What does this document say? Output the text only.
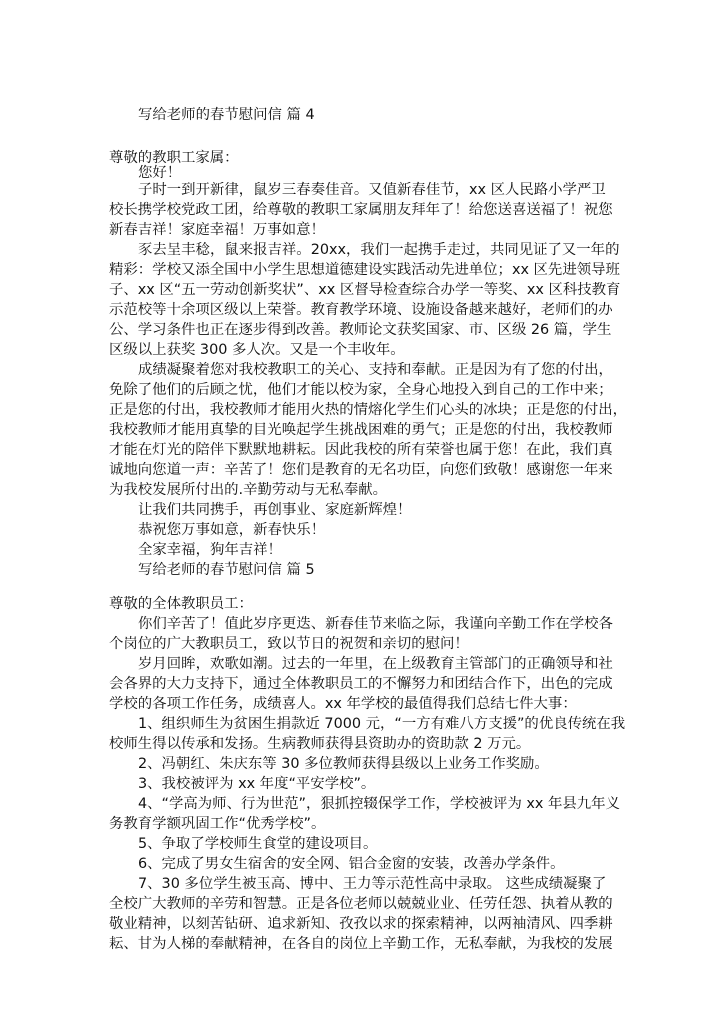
写给老师的春节慰问信 篇 4
尊敬的教职工家属：
您好！
子时一到开新律，鼠岁三春奏佳音。又值新春佳节，xx 区人民路小学严卫
校长携学校党政工团，给尊敬的教职工家属朋友拜年了！给您送喜送福了！祝您
新春吉祥！家庭幸福！万事如意！
豕去呈丰稔，鼠来报吉祥。20xx，我们一起携手走过，共同见证了又一年的
精彩：学校又添全国中小学生思想道德建设实践活动先进单位；xx 区先进领导班
子、xx 区“五一劳动创新奖状”、xx 区督导检查综合办学一等奖、xx 区科技教育
示范校等十余项区级以上荣誉。教育教学环境、设施设备越来越好，老师们的办
公、学习条件也正在逐步得到改善。教师论文获奖国家、市、区级 26 篇，学生
区级以上获奖 300 多人次。又是一个丰收年。
成绩凝聚着您对我校教职工的关心、支持和奉献。正是因为有了您的付出，
免除了他们的后顾之忧，他们才能以校为家，全身心地投入到自己的工作中来；
正是您的付出，我校教师才能用火热的情熔化学生们心头的冰块；正是您的付出，
我校教师才能用真挚的目光唤起学生挑战困难的勇气；正是您的付出，我校教师
才能在灯光的陪伴下默默地耕耘。因此我校的所有荣誉也属于您！在此，我们真
诚地向您道一声：辛苦了！您们是教育的无名功臣，向您们致敬！感谢您一年来
为我校发展所付出的.辛勤劳动与无私奉献。
让我们共同携手，再创事业、家庭新辉煌！
恭祝您万事如意，新春快乐！
全家幸福，狗年吉祥！
写给老师的春节慰问信 篇 5
尊敬的全体教职员工：
你们辛苦了！值此岁序更迭、新春佳节来临之际，我谨向辛勤工作在学校各
个岗位的广大教职员工，致以节日的祝贺和亲切的慰问！
岁月回眸，欢歌如潮。过去的一年里，在上级教育主管部门的正确领导和社
会各界的大力支持下，通过全体教职员工的不懈努力和团结合作下，出色的完成
学校的各项工作任务，成绩喜人。xx 年学校的最值得我们总结七件大事：
1、组织师生为贫困生捐款近 7000 元，“一方有难八方支援”的优良传统在我
校师生得以传承和发扬。生病教师获得县资助办的资助款 2 万元。
2、冯朝红、朱庆东等 30 多位教师获得县级以上业务工作奖励。
3、我校被评为 xx 年度“平安学校”。
4、“学高为师、行为世范”，狠抓控辍保学工作，学校被评为 xx 年县九年义
务教育学额巩固工作“优秀学校”。
5、争取了学校师生食堂的建设项目。
6、完成了男女生宿舍的安全网、铝合金窗的安装，改善办学条件。
7、30 多位学生被玉高、博中、王力等示范性高中录取。 这些成绩凝聚了
全校广大教师的辛劳和智慧。正是各位老师以兢兢业业、任劳任怨、执着从教的
敬业精神，以刻苦钻研、追求新知、孜孜以求的探索精神，以两袖清风、四季耕
耘、甘为人梯的奉献精神，在各自的岗位上辛勤工作，无私奉献，为我校的发展
